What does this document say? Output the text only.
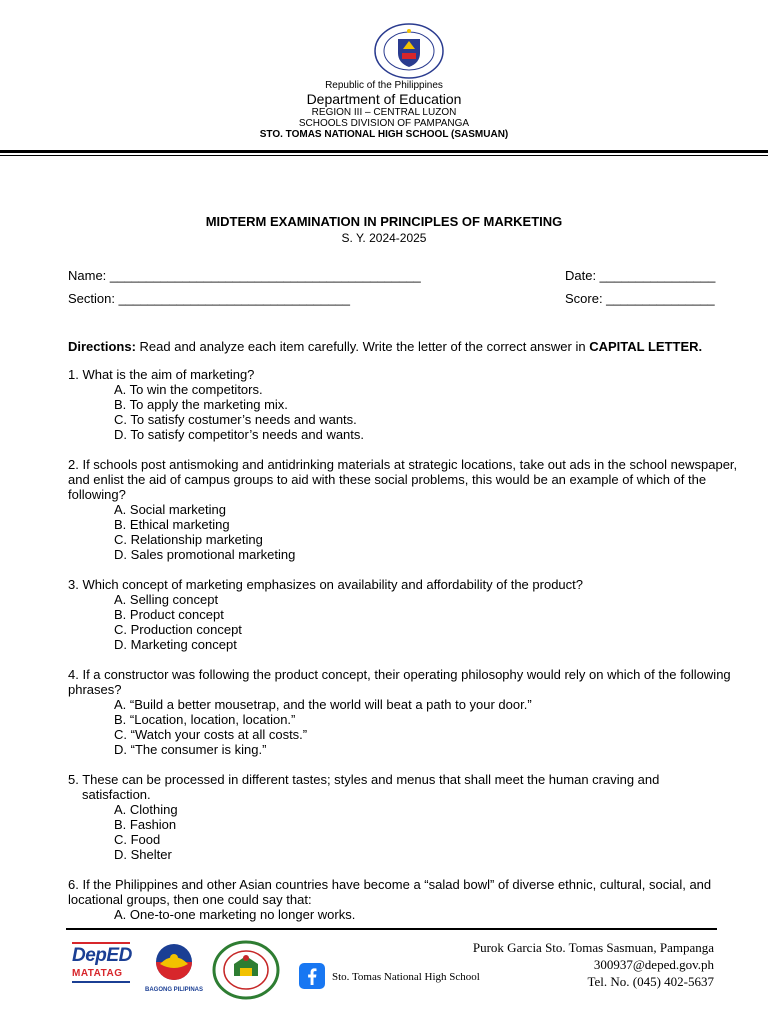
Republic of the Philippines
Department of Education
REGION III – CENTRAL LUZON
SCHOOLS DIVISION OF PAMPANGA
STO. TOMAS NATIONAL HIGH SCHOOL (SASMUAN)
MIDTERM EXAMINATION IN PRINCIPLES OF MARKETING
S. Y. 2024-2025
Name: ___________________________________________	Date: ________________
Section: ________________________________	Score: _______________

Directions: Read and analyze each item carefully. Write the letter of the correct answer in CAPITAL LETTER.

1. What is the aim of marketing?

A. To win the competitors.

B. To apply the marketing mix.

C. To satisfy costumer’s needs and wants.

D. To satisfy competitor’s needs and wants.

2. If schools post antismoking and antidrinking materials at strategic locations, take out ads in the school newspaper, and enlist the aid of campus groups to aid with these social problems, this would be an example of which of the following?

A. Social marketing

B. Ethical marketing

C. Relationship marketing

D. Sales promotional marketing

3. Which concept of marketing emphasizes on availability and affordability of the product?

A. Selling concept

B. Product concept

C. Production concept

D. Marketing concept

4. If a constructor was following the product concept, their operating philosophy would rely on which of the following phrases?

A. “Build a better mousetrap, and the world will beat a path to your door.”

B. “Location, location, location.”

C. “Watch your costs at all costs.”

D. “The consumer is king.”

5. These can be processed in different tastes; styles and menus that shall meet the human craving and

satisfaction.

A. Clothing

B. Fashion

C. Food

D. Shelter

6. If the Philippines and other Asian countries have become a “salad bowl” of diverse ethnic, cultural, social, and locational groups, then one could say that:

A. One-to-one marketing no longer works.

DepED
MATATAG
BAGONG PILIPINAS
Sto. Tomas National High School
Purok Garcia Sto. Tomas Sasmuan, Pampanga
300937@deped.gov.ph
Tel. No. (045) 402-5637
